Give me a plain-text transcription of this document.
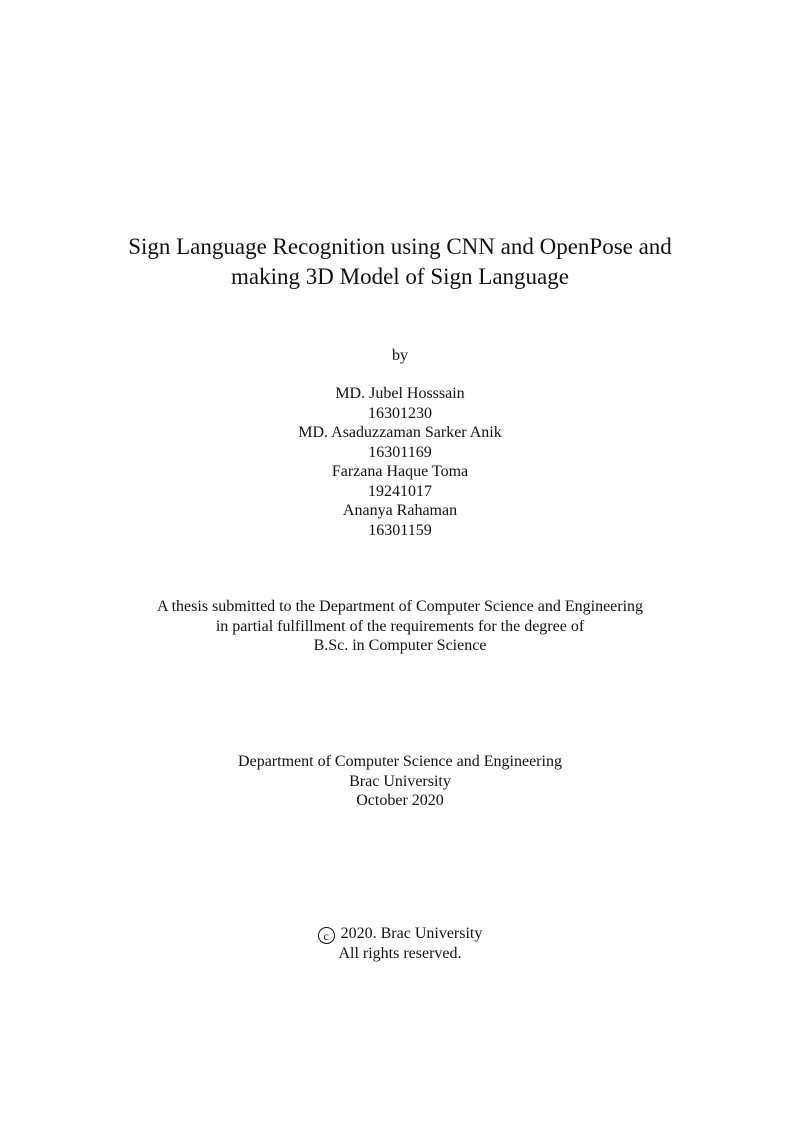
Sign Language Recognition using CNN and OpenPose and
making 3D Model of Sign Language
by
MD. Jubel Hosssain
16301230
MD. Asaduzzaman Sarker Anik
16301169
Farzana Haque Toma
19241017
Ananya Rahaman
16301159
A thesis submitted to the Department of Computer Science and Engineering
in partial fulfillment of the requirements for the degree of
B.Sc. in Computer Science
Department of Computer Science and Engineering
Brac University
October 2020
c 2020. Brac University
All rights reserved.
